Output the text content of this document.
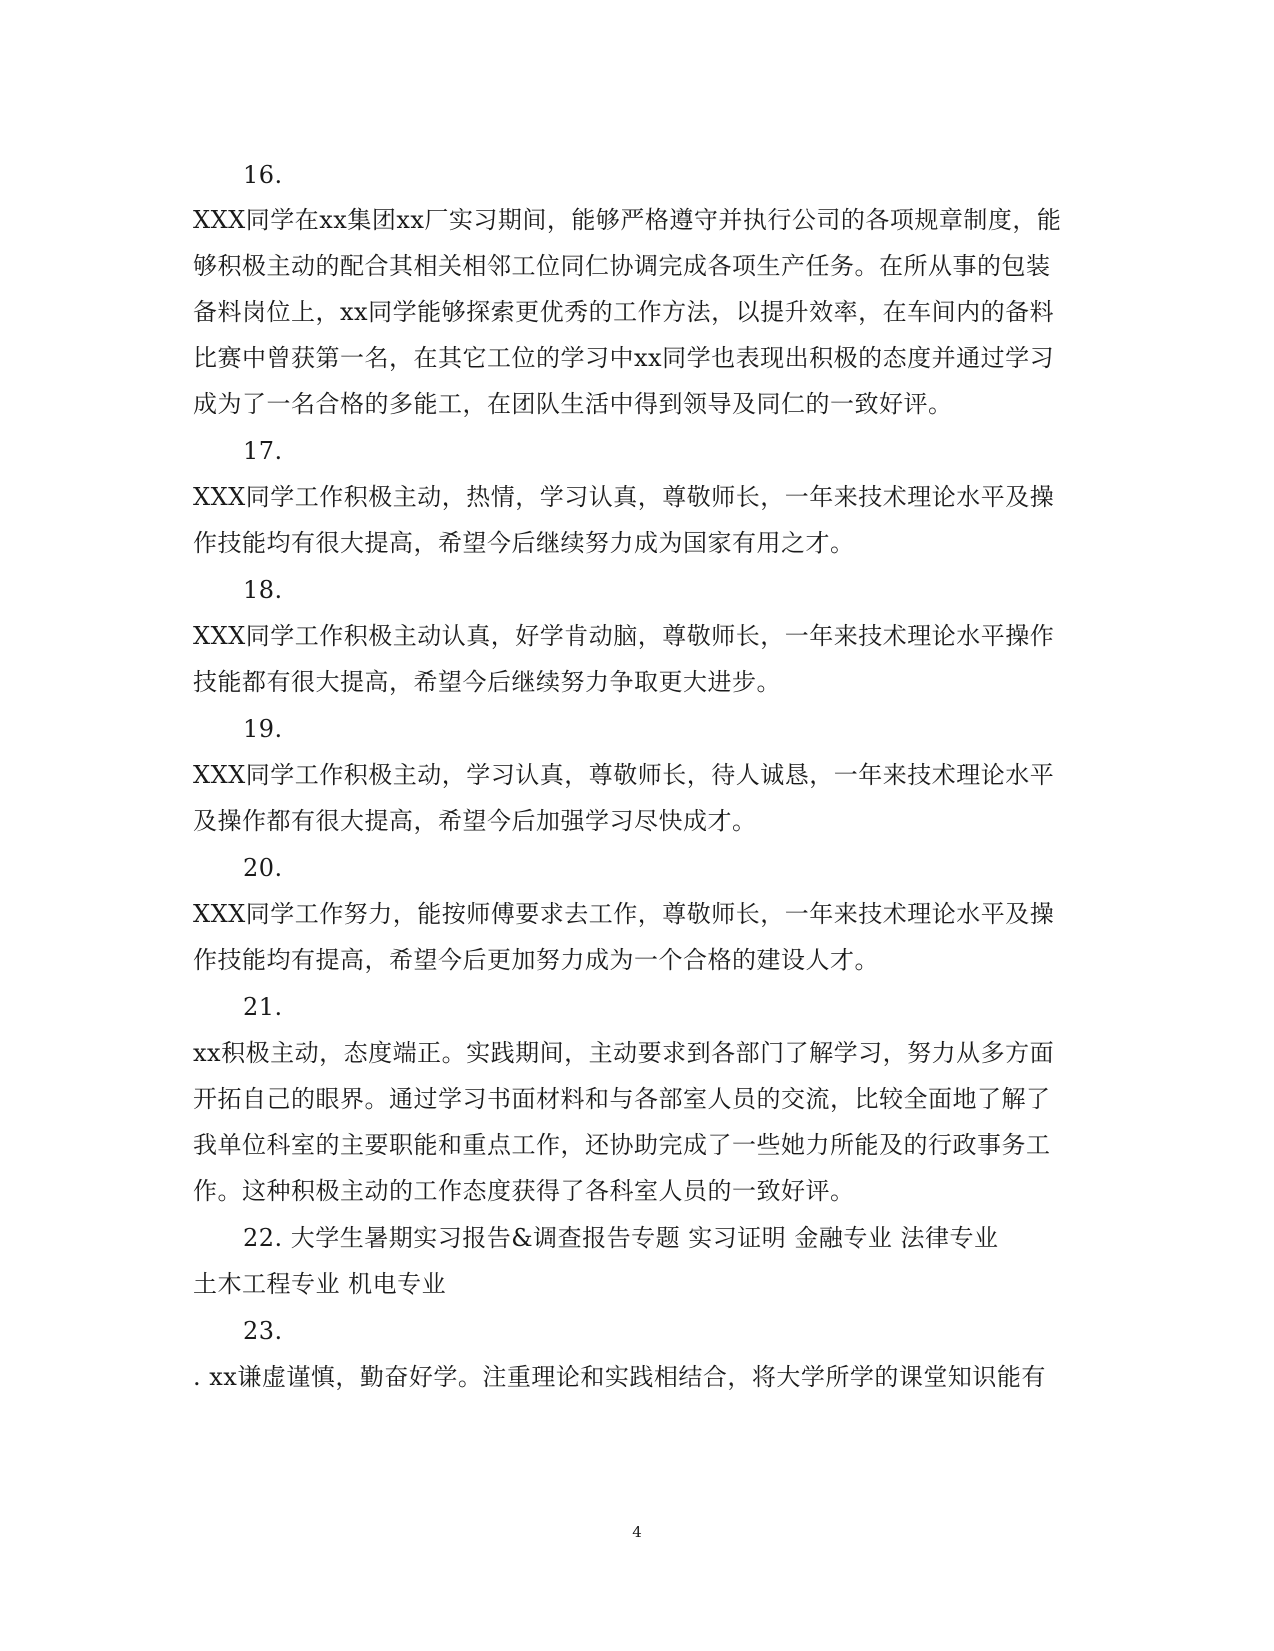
16.
XXX同学在xx集团xx厂实习期间，能够严格遵守并执行公司的各项规章制度，能
够积极主动的配合其相关相邻工位同仁协调完成各项生产任务。在所从事的包装
备料岗位上，xx同学能够探索更优秀的工作方法，以提升效率，在车间内的备料
比赛中曾获第一名，在其它工位的学习中xx同学也表现出积极的态度并通过学习
成为了一名合格的多能工，在团队生活中得到领导及同仁的一致好评。
17.
XXX同学工作积极主动，热情，学习认真，尊敬师长，一年来技术理论水平及操
作技能均有很大提高，希望今后继续努力成为国家有用之才。
18.
XXX同学工作积极主动认真，好学肯动脑，尊敬师长，一年来技术理论水平操作
技能都有很大提高，希望今后继续努力争取更大进步。
19.
XXX同学工作积极主动，学习认真，尊敬师长，待人诚恳，一年来技术理论水平
及操作都有很大提高，希望今后加强学习尽快成才。
20.
XXX同学工作努力，能按师傅要求去工作，尊敬师长，一年来技术理论水平及操
作技能均有提高，希望今后更加努力成为一个合格的建设人才。
21.
xx积极主动，态度端正。实践期间，主动要求到各部门了解学习，努力从多方面
开拓自己的眼界。通过学习书面材料和与各部室人员的交流，比较全面地了解了
我单位科室的主要职能和重点工作，还协助完成了一些她力所能及的行政事务工
作。这种积极主动的工作态度获得了各科室人员的一致好评。
22. 大学生暑期实习报告&调查报告专题 实习证明 金融专业 法律专业
土木工程专业 机电专业
23.
. xx谦虚谨慎，勤奋好学。注重理论和实践相结合，将大学所学的课堂知识能有
4
